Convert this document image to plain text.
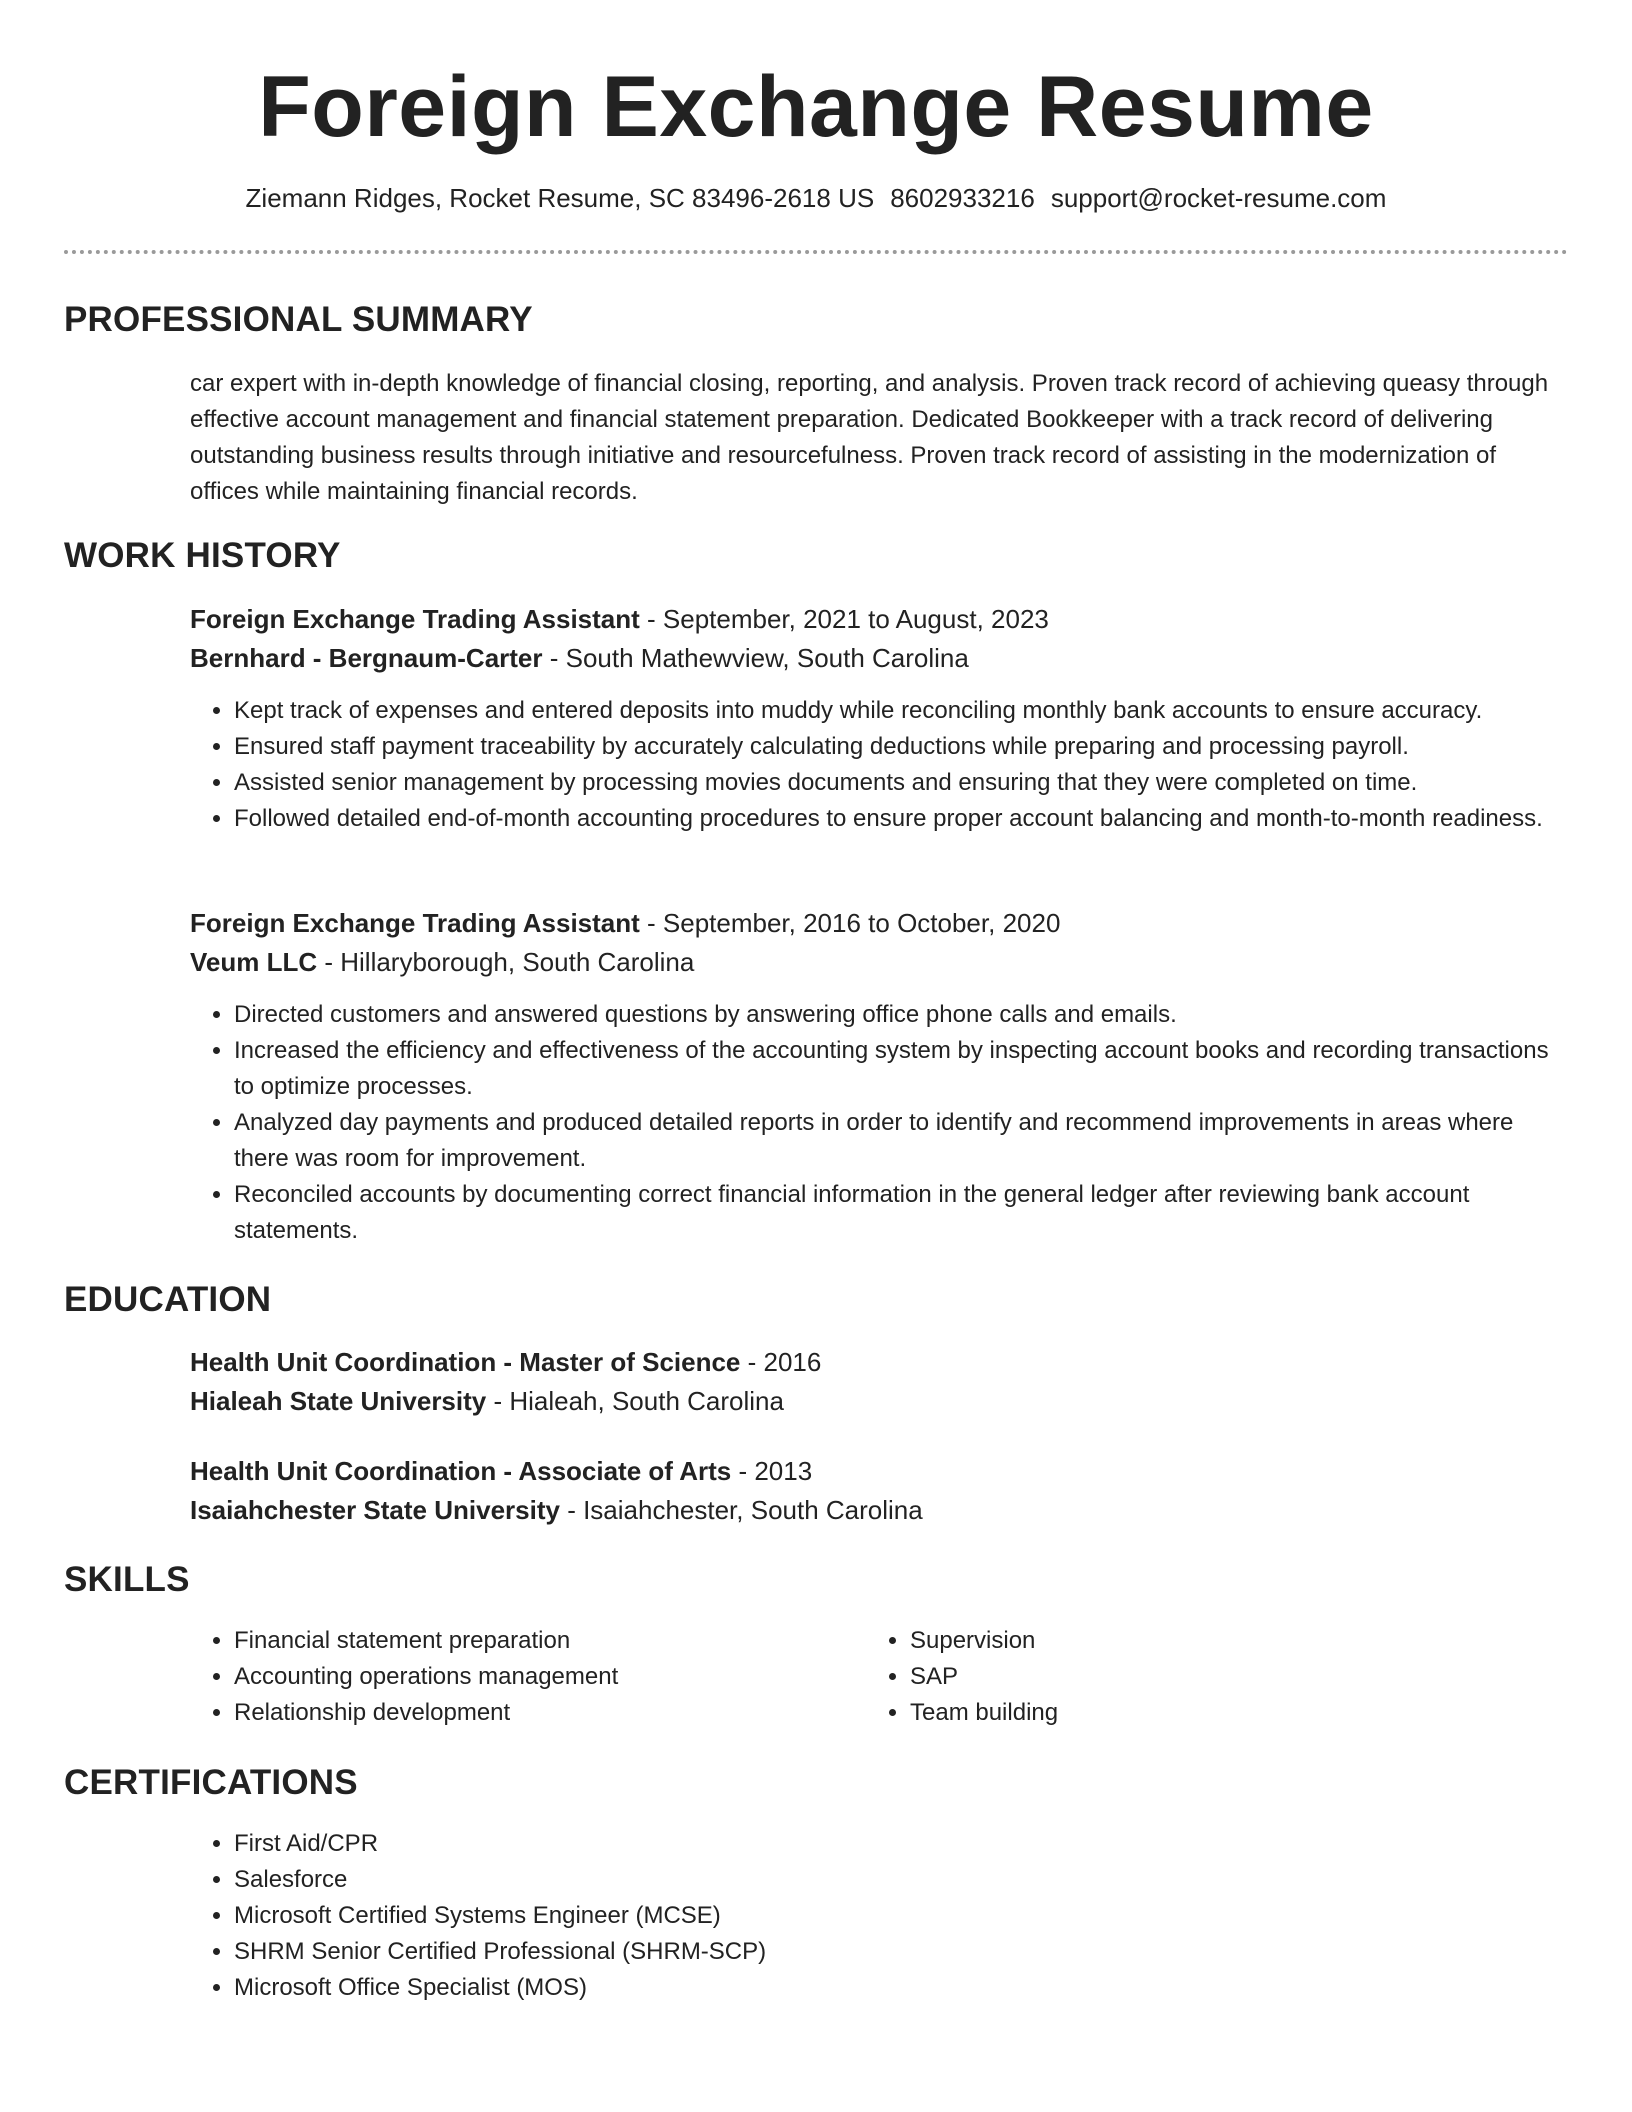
Foreign Exchange Resume
Ziemann Ridges, Rocket Resume, SC 83496-2618 US 8602933216 support@rocket-resume.com
PROFESSIONAL SUMMARY
car expert with in-depth knowledge of financial closing, reporting, and analysis. Proven track record of achieving queasy through effective account management and financial statement preparation. Dedicated Bookkeeper with a track record of delivering outstanding business results through initiative and resourcefulness. Proven track record of assisting in the modernization of offices while maintaining financial records.
WORK HISTORY
Foreign Exchange Trading Assistant - September, 2021 to August, 2023
Bernhard - Bergnaum-Carter - South Mathewview, South Carolina
• Kept track of expenses and entered deposits into muddy while reconciling monthly bank accounts to ensure accuracy.
• Ensured staff payment traceability by accurately calculating deductions while preparing and processing payroll.
• Assisted senior management by processing movies documents and ensuring that they were completed on time.
• Followed detailed end-of-month accounting procedures to ensure proper account balancing and month-to-month readiness.
Foreign Exchange Trading Assistant - September, 2016 to October, 2020
Veum LLC - Hillaryborough, South Carolina
• Directed customers and answered questions by answering office phone calls and emails.
• Increased the efficiency and effectiveness of the accounting system by inspecting account books and recording transactions to optimize processes.
• Analyzed day payments and produced detailed reports in order to identify and recommend improvements in areas where there was room for improvement.
• Reconciled accounts by documenting correct financial information in the general ledger after reviewing bank account statements.
EDUCATION
Health Unit Coordination - Master of Science - 2016
Hialeah State University - Hialeah, South Carolina
Health Unit Coordination - Associate of Arts - 2013
Isaiahchester State University - Isaiahchester, South Carolina
SKILLS
• Financial statement preparation
• Accounting operations management
• Relationship development
• Supervision
• SAP
• Team building
CERTIFICATIONS
• First Aid/CPR
• Salesforce
• Microsoft Certified Systems Engineer (MCSE)
• SHRM Senior Certified Professional (SHRM-SCP)
• Microsoft Office Specialist (MOS)
